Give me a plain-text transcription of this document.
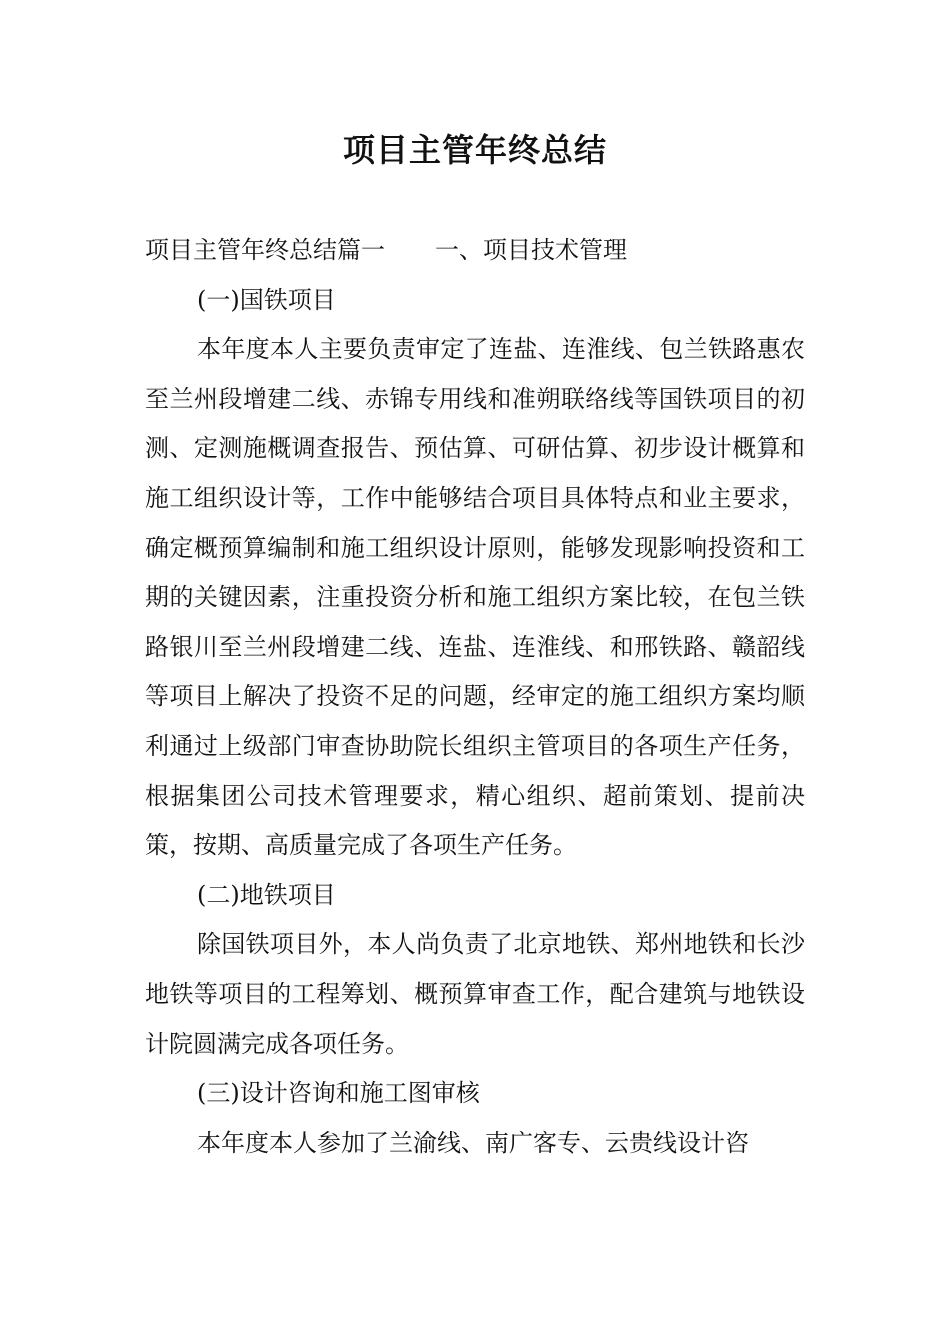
项目主管年终总结

项目主管年终总结篇一 一、项目技术管理

(一)国铁项目

本年度本人主要负责审定了连盐、连淮线、包兰铁路惠农至兰州段增建二线、赤锦专用线和准朔联络线等国铁项目的初测、定测施概调查报告、预估算、可研估算、初步设计概算和施工组织设计等，工作中能够结合项目具体特点和业主要求，确定概预算编制和施工组织设计原则，能够发现影响投资和工期的关键因素，注重投资分析和施工组织方案比较，在包兰铁路银川至兰州段增建二线、连盐、连淮线、和邢铁路、赣韶线等项目上解决了投资不足的问题，经审定的施工组织方案均顺利通过上级部门审查协助院长组织主管项目的各项生产任务，根据集团公司技术管理要求，精心组织、超前策划、提前决策，按期、高质量完成了各项生产任务。

(二)地铁项目

除国铁项目外，本人尚负责了北京地铁、郑州地铁和长沙地铁等项目的工程筹划、概预算审查工作，配合建筑与地铁设计院圆满完成各项任务。

(三)设计咨询和施工图审核

本年度本人参加了兰渝线、南广客专、云贵线设计咨
